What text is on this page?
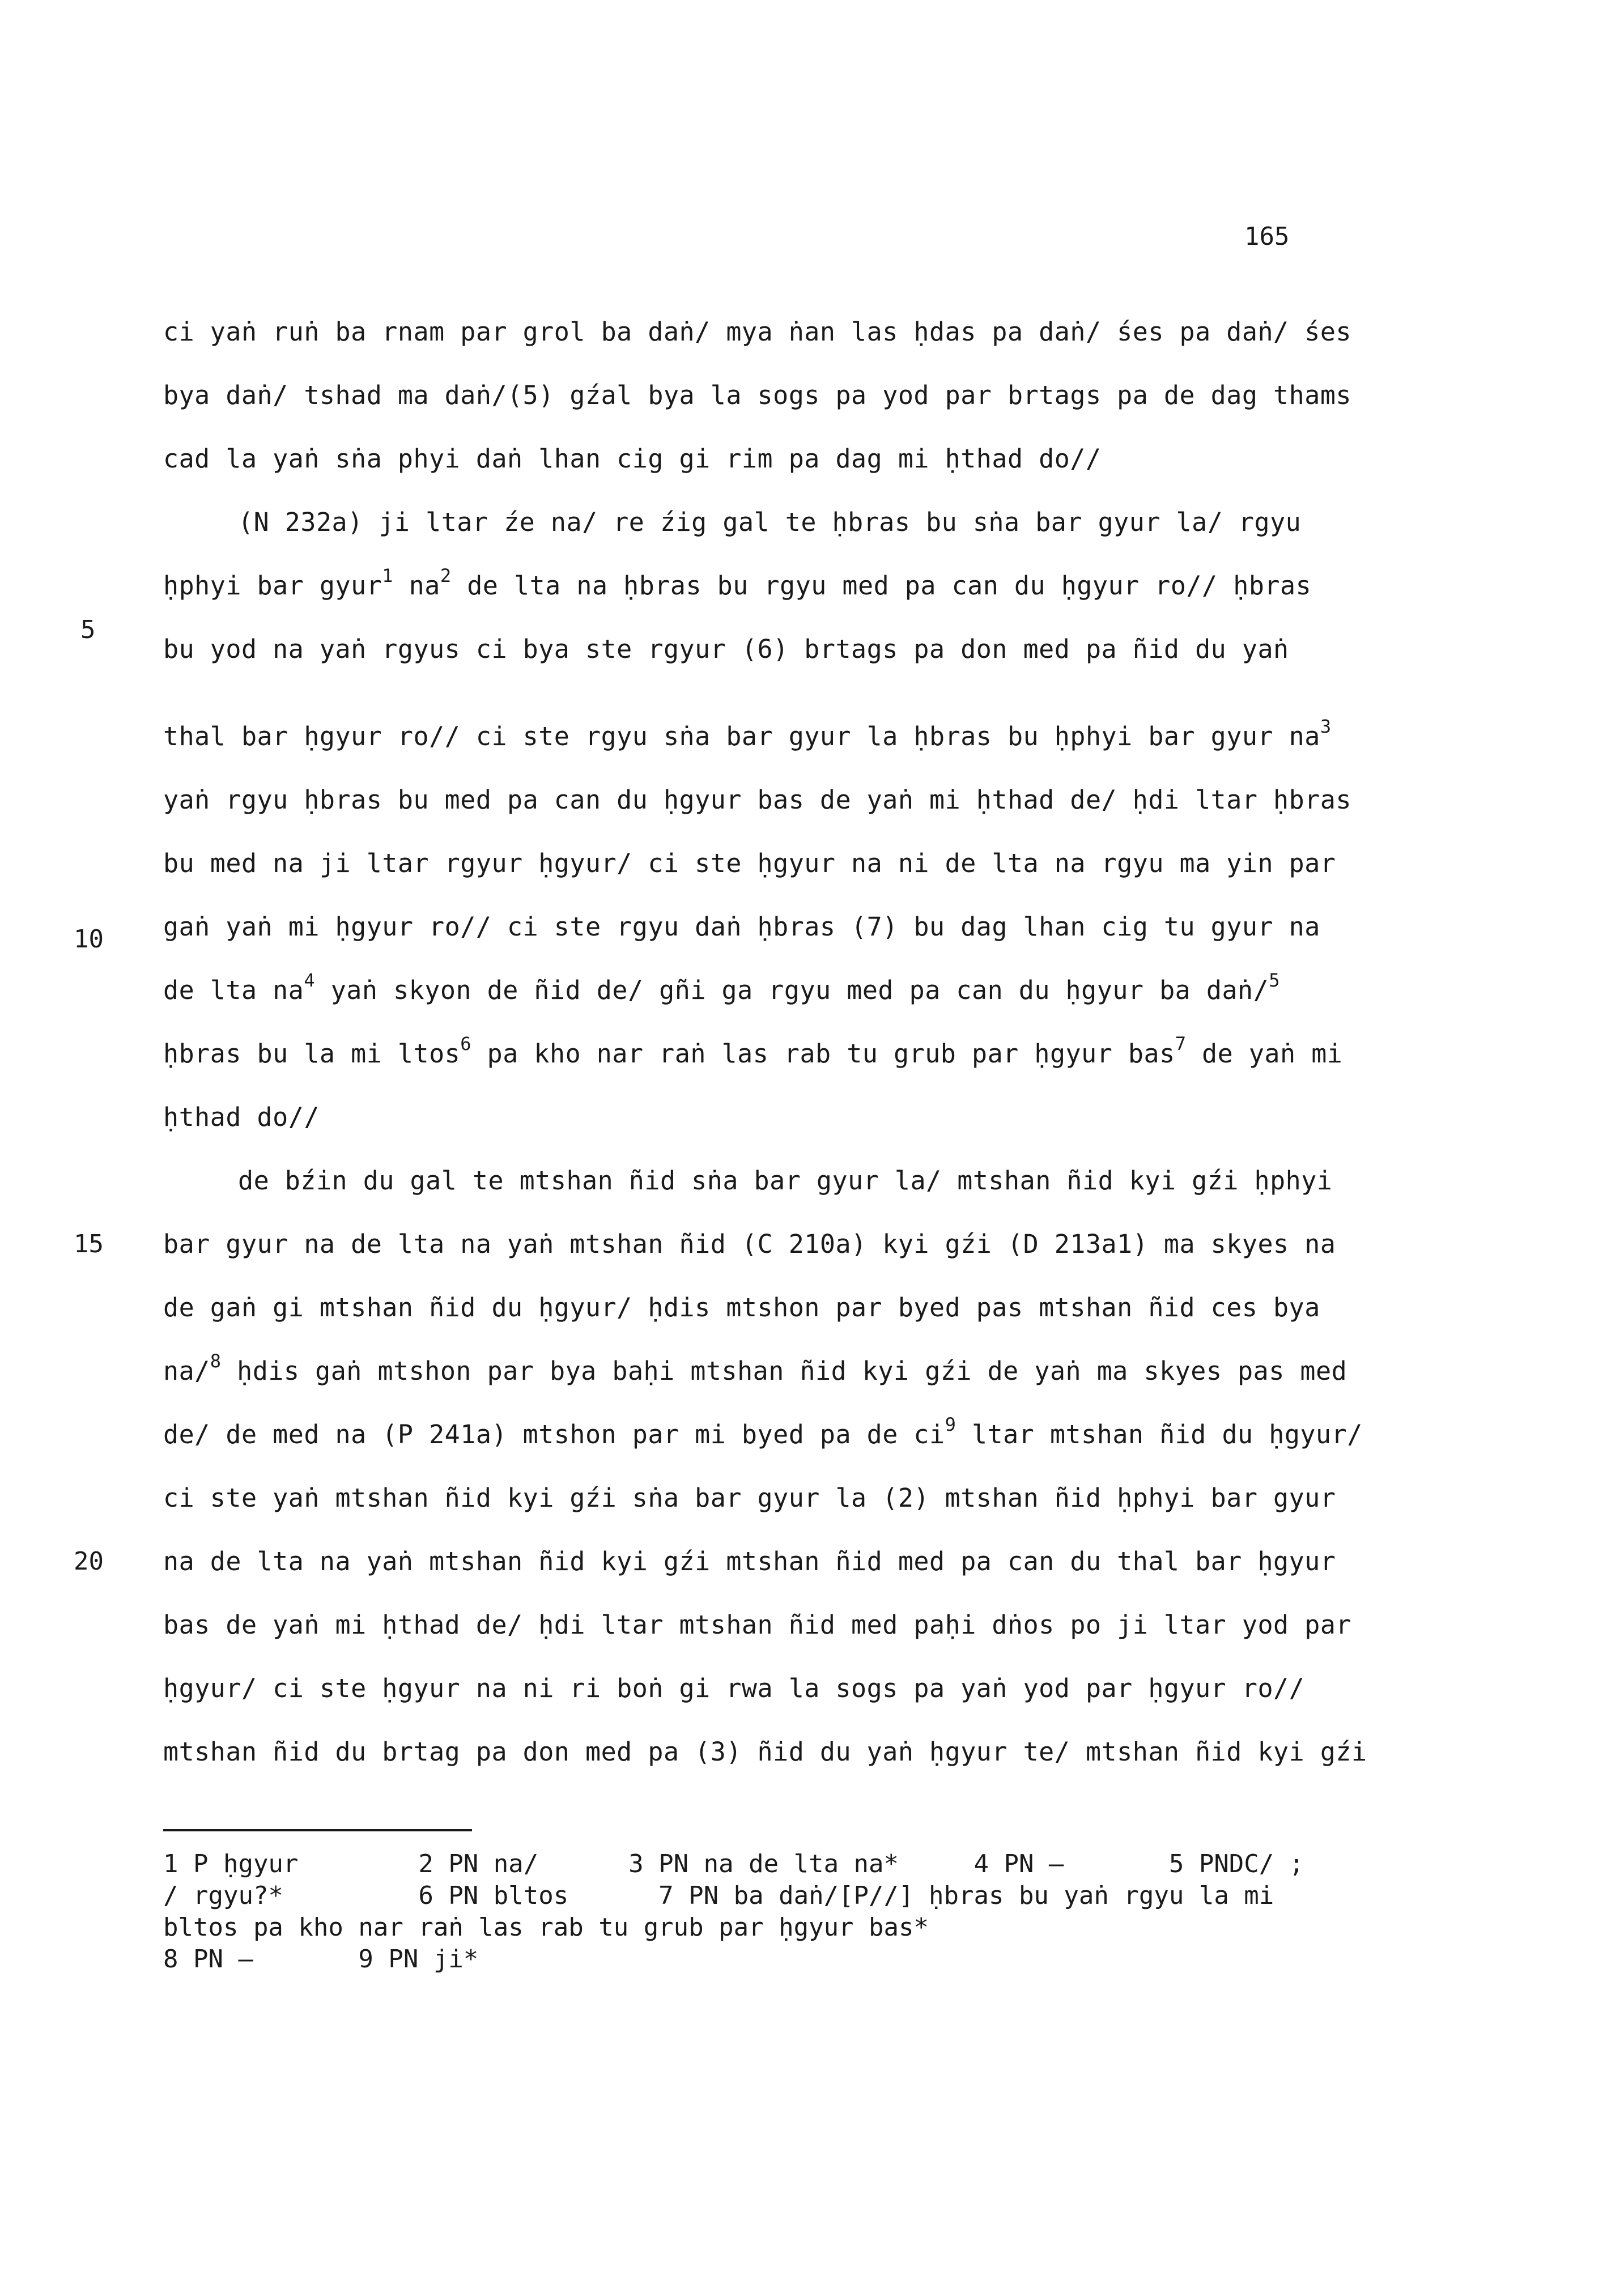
165
ci yaṅ ruṅ ba rnam par grol ba daṅ/ mya ṅan las ḥdas pa daṅ/ śes pa daṅ/ śes
bya daṅ/ tshad ma daṅ/(5) gźal bya la sogs pa yod par brtags pa de dag thams
cad la yaṅ sṅa phyi daṅ lhan cig gi rim pa dag mi ḥthad do//
(N 232a) ji ltar źe na/ re źig gal te ḥbras bu sṅa bar gyur la/ rgyu
ḥphyi bar gyur$^1$ $na^2$ de lta na ḥbras bu rgyu med pa can du ḥgyur ro// ḥbras
bu yod na yaṅ rgyus ci bya ste rgyur (6) brtags pa don med pa ñid du yaṅ
thal bar ḥgyur ro// ci ste rgyu sṅa bar gyur la ḥbras bu ḥphyi bar gyur $na^3$
yaṅ rgyu ḥbras bu med pa can du ḥgyur bas de yaṅ mi ḥthad de/ ḥdi ltar ḥbras
bu med na ji ltar rgyur ḥgyur/ ci ste ḥgyur na ni de lta na rgyu ma yin par
gaṅ yaṅ mi ḥgyur ro// ci ste rgyu daṅ ḥbras (7) bu dag lhan cig tu gyur na
de lta $na^4$ yaṅ skyon de ñid de/ gñi ga rgyu med pa can du ḥgyur ba daṅ/$^5$
ḥbras bu la mi ltos$^6$ pa kho nar raṅ las rab tu grub par ḥgyur bas$^7$ de yaṅ mi
ḥthad do//
de bźin du gal te mtshan ñid sṅa bar gyur la/ mtshan ñid kyi gźi ḥphyi
bar gyur na de lta na yaṅ mtshan ñid (C 210a) kyi gźi (D 213a1) ma skyes na
de gaṅ gi mtshan ñid du ḥgyur/ ḥdis mtshon par byed pas mtshan ñid ces bya
na/$^8$ ḥdis gaṅ mtshon par bya baḥi mtshan ñid kyi gźi de yaṅ ma skyes pas med
de/ de med na (P 241a) mtshon par mi byed pa de $ci^9$ ltar mtshan ñid du ḥgyur/
ci ste yaṅ mtshan ñid kyi gźi sṅa bar gyur la (2) mtshan ñid ḥphyi bar gyur
na de lta na yaṅ mtshan ñid kyi gźi mtshan ñid med pa can du thal bar ḥgyur
bas de yaṅ mi ḥthad de/ ḥdi ltar mtshan ñid med paḥi dṅos po ji ltar yod par
ḥgyur/ ci ste ḥgyur na ni ri boṅ gi rwa la sogs pa yaṅ yod par ḥgyur ro//
mtshan ñid du brtag pa don med pa (3) ñid du yaṅ ḥgyur te/ mtshan ñid kyi gźi
5
10
15
20
1 P ḥgyur        2 PN na/      3 PN na de lta na*     4 PN —       5 PNDC/ ;
/ rgyu?*         6 PN bltos      7 PN ba daṅ/[P//] ḥbras bu yaṅ rgyu la mi
bltos pa kho nar raṅ las rab tu grub par ḥgyur bas*
8 PN —       9 PN ji*
